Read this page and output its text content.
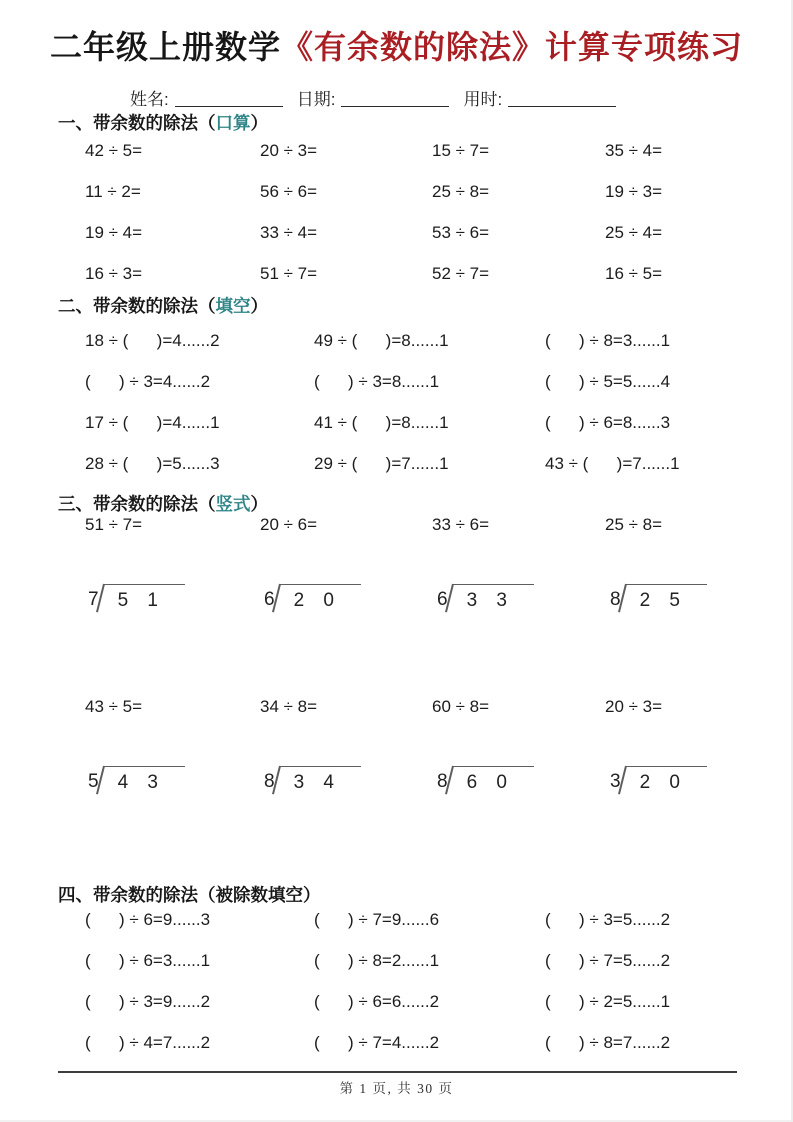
二年级上册数学《有余数的除法》计算专项练习
姓名:	日期:	用时:
一、带余数的除法（口算）
42 ÷ 5=	20 ÷ 3=	15 ÷ 7=	35 ÷ 4=
11 ÷ 2=	56 ÷ 6=	25 ÷ 8=	19 ÷ 3=
19 ÷ 4=	33 ÷ 4=	53 ÷ 6=	25 ÷ 4=
16 ÷ 3=	51 ÷ 7=	52 ÷ 7=	16 ÷ 5=
二、带余数的除法（填空）
18 ÷ (      )=4......2	49 ÷ (      )=8......1	(      ) ÷ 8=3......1
(      ) ÷ 3=4......2	(      ) ÷ 3=8......1	(      ) ÷ 5=5......4
17 ÷ (      )=4......1	41 ÷ (      )=8......1	(      ) ÷ 6=8......3
28 ÷ (      )=5......3	29 ÷ (      )=7......1	43 ÷ (      )=7......1
三、带余数的除法（竖式）
51 ÷ 7=	20 ÷ 6=	33 ÷ 6=	25 ÷ 8=
7	5 1	6	2 0	6	3 3	8	2 5
43 ÷ 5=	34 ÷ 8=	60 ÷ 8=	20 ÷ 3=
5	4 3	8	3 4	8	6 0	3	2 0
四、带余数的除法（被除数填空）
(      ) ÷ 6=9......3	(      ) ÷ 7=9......6	(      ) ÷ 3=5......2
(      ) ÷ 6=3......1	(      ) ÷ 8=2......1	(      ) ÷ 7=5......2
(      ) ÷ 3=9......2	(      ) ÷ 6=6......2	(      ) ÷ 2=5......1
(      ) ÷ 4=7......2	(      ) ÷ 7=4......2	(      ) ÷ 8=7......2
第 1 页, 共 30 页
